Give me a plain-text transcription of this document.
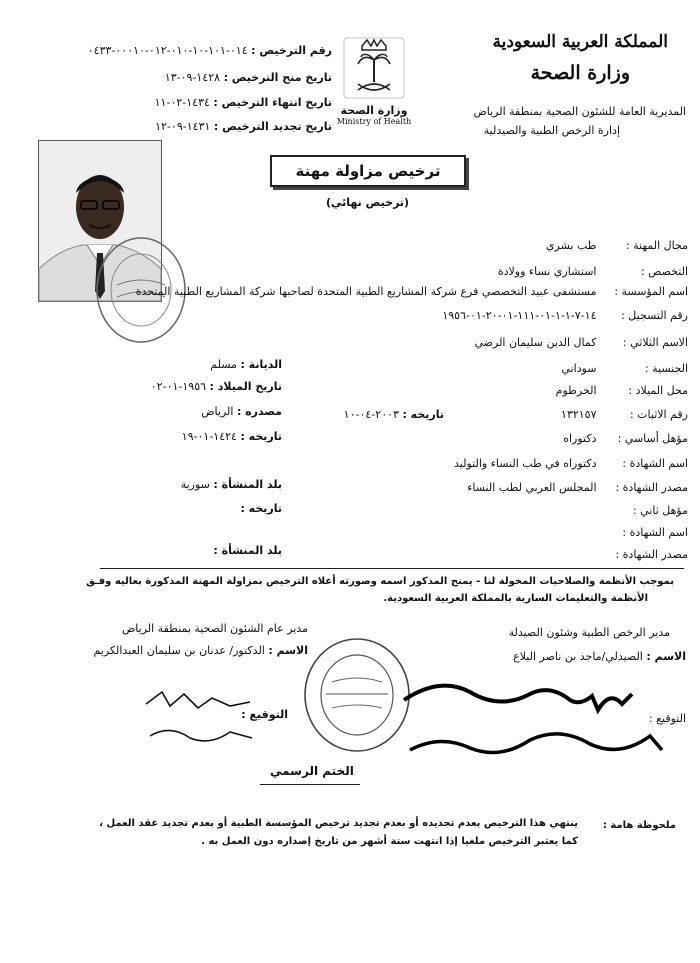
المملكة العربية السعودية
وزارة الصحة
المديرية العامة للشئون الصحية بمنطقة الرياض
إدارة الرخص الطبية والصيدلية
وزارة الصحة
Ministry of Health
رقم الترخيص : ٠١٤-١٠١-١٠-٠١٠-٠١٢-٠٠٠١٠-٠٤٣٣
تاريخ منح الترخيص : ١٤٢٨-٠٩-١٣
تاريخ انتهاء الترخيص : ١٤٣٤-٠٢-١١
تاريخ تجديد الترخيص : ١٤٣١-٠٩-١٢
ترخيص مزاولة مهنة
(ترخيص نهائي)
مجال المهنة : طب بشري
التخصص : استشاري نساء وولادة
اسم المؤسسة : مستشفى عبيد التخصصي فرع شركة المشاريع الطبية المتحدة لصاحبها شركة المشاريع الطبية المتحدة
رقم التسجيل : ١٤-٧-١-١-٠١-١١١-٠١-٢٠-٠١-١٩٥٦
الاسم الثلاثي : كمال الدين سليمان الرضي
الجنسية : سوداني
محل الميلاد : الخرطوم
رقم الاثبات : ١٣٢١٥٧
مؤهل أساسي : دكتوراه
اسم الشهادة : دكتوراه في طب النساء والتوليد
مصدر الشهادة : المجلس العربي لطب النساء
مؤهل ثاني :
اسم الشهادة :
مصدر الشهادة :
تاريخه : ٢٠٠٣-٠٤-١٠
الديانة : مسلم
تاريخ الميلاد : ١٩٥٦-٠١-٠٢
مصدره : الرياض
تاريخه : ١٤٢٤-٠١-١٩
بلد المنشأة : سورية
تاريخه :
بلد المنشأة :
بموجب الأنظمة والصلاحيات المخولة لنا - يمنح المذكور اسمه وصورته أعلاه الترخيص بمزاولة المهنة المذكورة بعاليه وفـق
الأنظمة والتعليمات السارية بالمملكة العربية السعودية.
مدير الرخص الطبية وشئون الصيدلة
الاسم : الصيدلي/ماجد بن ناصر البلاع
التوقيع :
مدير عام الشئون الصحية بمنطقة الرياض
الاسم : الدكتور/ عدنان بن سليمان العبدالكريم
التوقيع :
الختم الرسمي
ملحوظة هامة :
ينتهي هذا الترخيص بعدم تجديده أو بعدم تجديد ترخيص المؤسسة الطبية أو بعدم تجديد عقد العمل ،
كما يعتبر الترخيص ملغيا إذا انتهت ستة أشهر من تاريخ إصداره دون العمل به .
